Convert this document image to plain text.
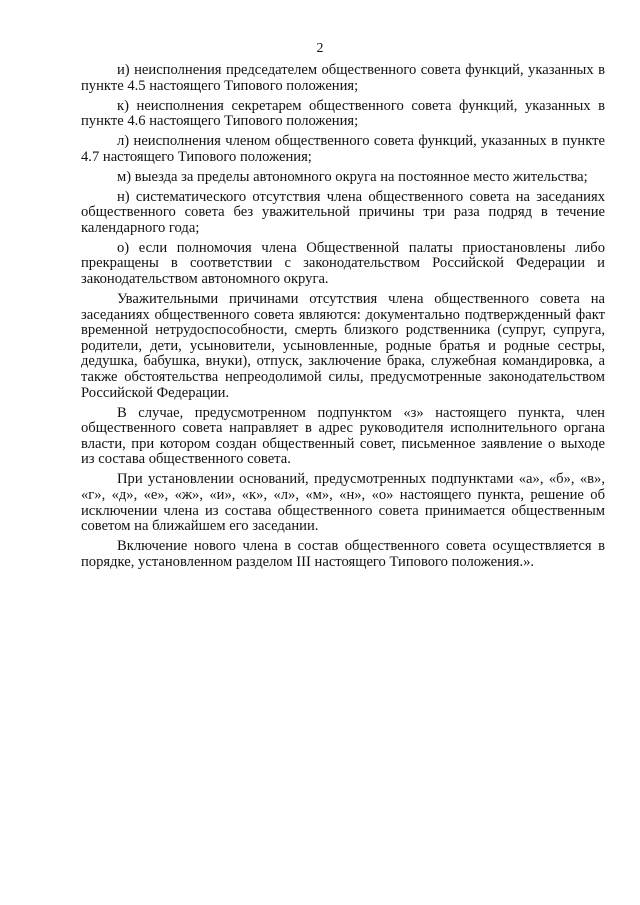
2

и) неисполнения председателем общественного совета функций, указанных в пункте 4.5 настоящего Типового положения;

к) неисполнения секретарем общественного совета функций, указанных в пункте 4.6 настоящего Типового положения;

л) неисполнения членом общественного совета функций, указанных в пункте 4.7 настоящего Типового положения;

м) выезда за пределы автономного округа на постоянное место жительства;

н) систематического отсутствия члена общественного совета на заседаниях общественного совета без уважительной причины три раза подряд в течение календарного года;

о) если полномочия члена Общественной палаты приостановлены либо прекращены в соответствии с законодательством Российской Федерации и законодательством автономного округа.

Уважительными причинами отсутствия члена общественного совета на заседаниях общественного совета являются: документально подтвержденный факт временной нетрудоспособности, смерть близкого родственника (супруг, супруга, родители, дети, усыновители, усыновленные, родные братья и родные сестры, дедушка, бабушка, внуки), отпуск, заключение брака, служебная командировка, а также обстоятельства непреодолимой силы, предусмотренные законодательством Российской Федерации.

В случае, предусмотренном подпунктом «з» настоящего пункта, член общественного совета направляет в адрес руководителя исполнительного органа власти, при котором создан общественный совет, письменное заявление о выходе из состава общественного совета.

При установлении оснований, предусмотренных подпунктами «а», «б», «в», «г», «д», «е», «ж», «и», «к», «л», «м», «н», «о» настоящего пункта, решение об исключении члена из состава общественного совета принимается общественным советом на ближайшем его заседании.

Включение нового члена в состав общественного совета осуществляется в порядке, установленном разделом III настоящего Типового положения.».
